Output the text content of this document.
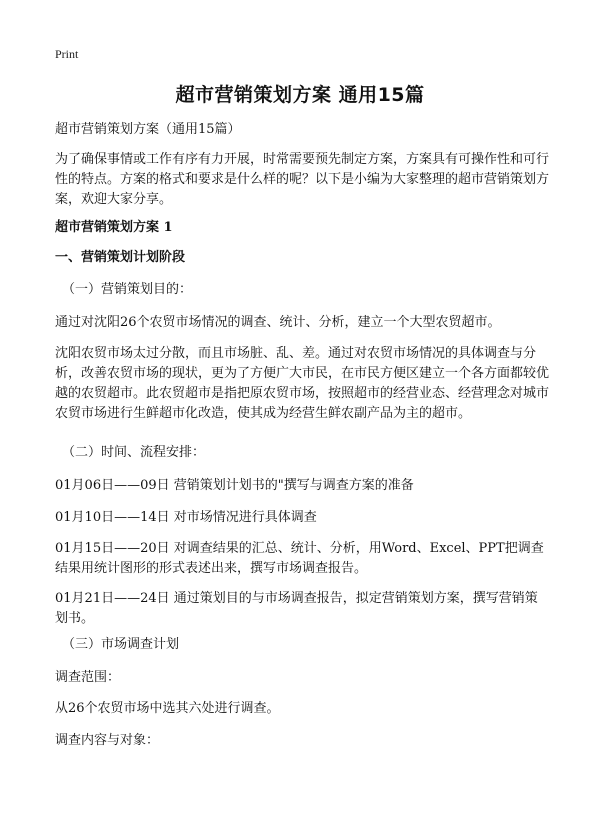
Print
超市营销策划方案 通用15篇
超市营销策划方案（通用15篇）
为了确保事情或工作有序有力开展，时常需要预先制定方案，方案具有可操作性和可行性的特点。方案的格式和要求是什么样的呢？以下是小编为大家整理的超市营销策划方案，欢迎大家分享。
超市营销策划方案 1
一、营销策划计划阶段
（一）营销策划目的：
通过对沈阳26个农贸市场情况的调查、统计、分析，建立一个大型农贸超市。
沈阳农贸市场太过分散，而且市场脏、乱、差。通过对农贸市场情况的具体调查与分析，改善农贸市场的现状，更为了方便广大市民，在市民方便区建立一个各方面都较优越的农贸超市。此农贸超市是指把原农贸市场，按照超市的经营业态、经营理念对城市农贸市场进行生鲜超市化改造，使其成为经营生鲜农副产品为主的超市。
（二）时间、流程安排：
01月06日——09日 营销策划计划书的"撰写与调查方案的准备
01月10日——14日 对市场情况进行具体调查
01月15日——20日 对调查结果的汇总、统计、分析，用Word、Excel、PPT把调查结果用统计图形的形式表述出来，撰写市场调查报告。
01月21日——24日 通过策划目的与市场调查报告，拟定营销策划方案，撰写营销策划书。
（三）市场调查计划
调查范围：
从26个农贸市场中选其六处进行调查。
调查内容与对象：
